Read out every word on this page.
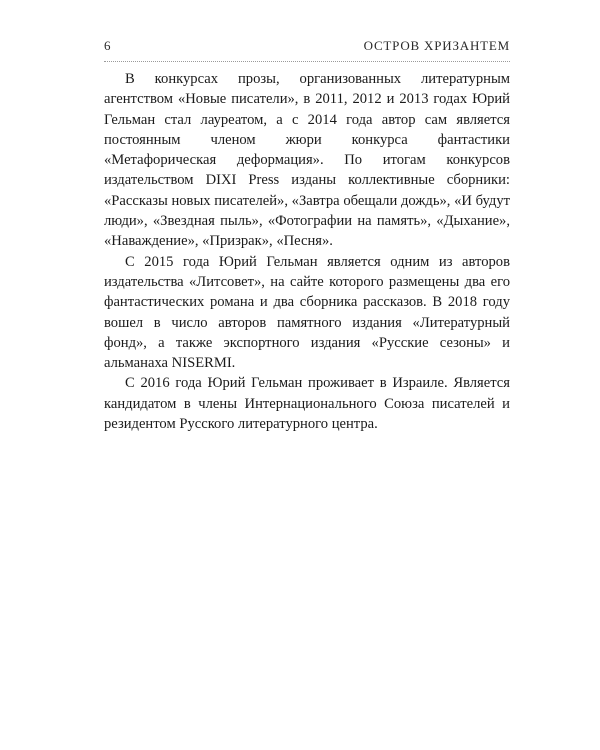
6	ОСТРОВ ХРИЗАНТЕМ

В конкурсах прозы, организованных литературным агентством «Новые писатели», в 2011, 2012 и 2013 годах Юрий Гельман стал лауреатом, а с 2014 года автор сам является постоянным членом жюри конкурса фантастики «Метафорическая деформация». По итогам конкурсов издательством DIXI Press изданы коллективные сборники: «Рассказы новых писателей», «Завтра обещали дождь», «И будут люди», «Звездная пыль», «Фотографии на память», «Дыхание», «Наваждение», «Призрак», «Песня».

С 2015 года Юрий Гельман является одним из авторов издательства «Литсовет», на сайте которого размещены два его фантастических романа и два сборника рассказов. В 2018 году вошел в число авторов памятного издания «Литературный фонд», а также экспортного издания «Русские сезоны» и альманаха NISERMI.

С 2016 года Юрий Гельман проживает в Израиле. Является кандидатом в члены Интернационального Союза писателей и резидентом Русского литературного центра.
